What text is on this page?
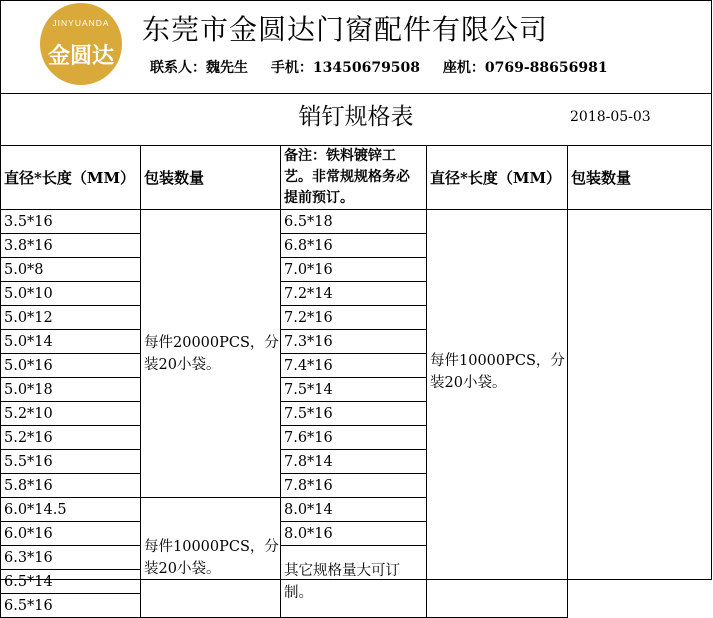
JINYUANDA
金圆达
东莞市金圆达门窗配件有限公司
联系人：魏先生 手机：13450679508 座机：0769-88656981
销钉规格表	2018-05-03
直径*长度（MM）	包装数量	备注：铁料镀锌工艺。非常规规格务必提前预订。	直径*长度（MM）	包装数量
3.5*16	每件20000PCS，分装20小袋。	6.5*18	每件10000PCS，分装20小袋。	
3.8*16		6.8*16		
5.0*8		7.0*16		
5.0*10		7.2*14		
5.0*12		7.2*16		
5.0*14		7.3*16		
5.0*16		7.4*16		
5.0*18		7.5*14		
5.2*10		7.5*16		
5.2*16		7.6*16		
5.5*16		7.8*14		
5.8*16		7.8*16		
6.0*14.5	每件10000PCS，分装20小袋。	8.0*14		
6.0*16		8.0*16		
6.3*16		其它规格量大可订制。		
6.5*14				
6.5*16				
